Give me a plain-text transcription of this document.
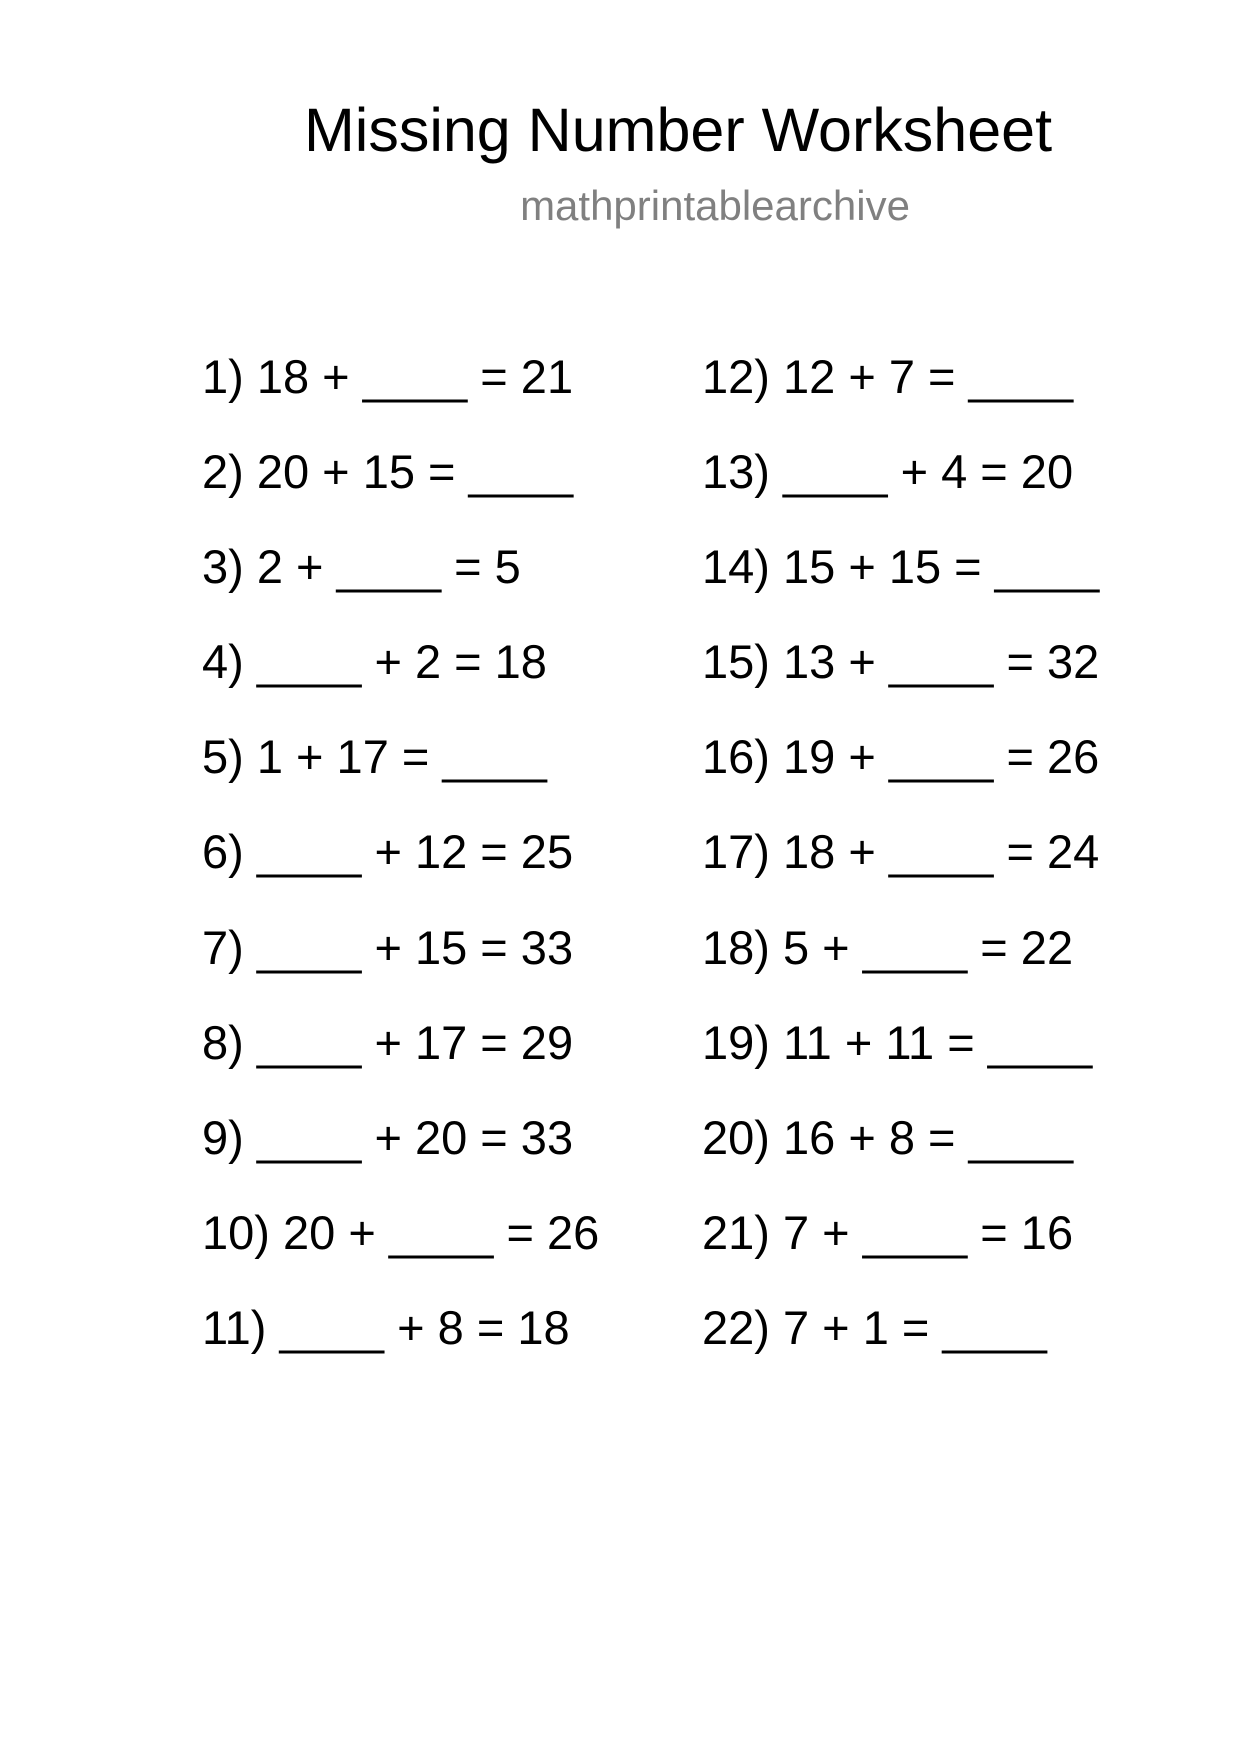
Missing Number Worksheet
mathprintablearchive
1) 18 + ____ = 21
2) 20 + 15 = ____
3) 2 + ____ = 5
4) ____ + 2 = 18
5) 1 + 17 = ____
6) ____ + 12 = 25
7) ____ + 15 = 33
8) ____ + 17 = 29
9) ____ + 20 = 33
10) 20 + ____ = 26
11) ____ + 8 = 18
12) 12 + 7 = ____
13) ____ + 4 = 20
14) 15 + 15 = ____
15) 13 + ____ = 32
16) 19 + ____ = 26
17) 18 + ____ = 24
18) 5 + ____ = 22
19) 11 + 11 = ____
20) 16 + 8 = ____
21) 7 + ____ = 16
22) 7 + 1 = ____
